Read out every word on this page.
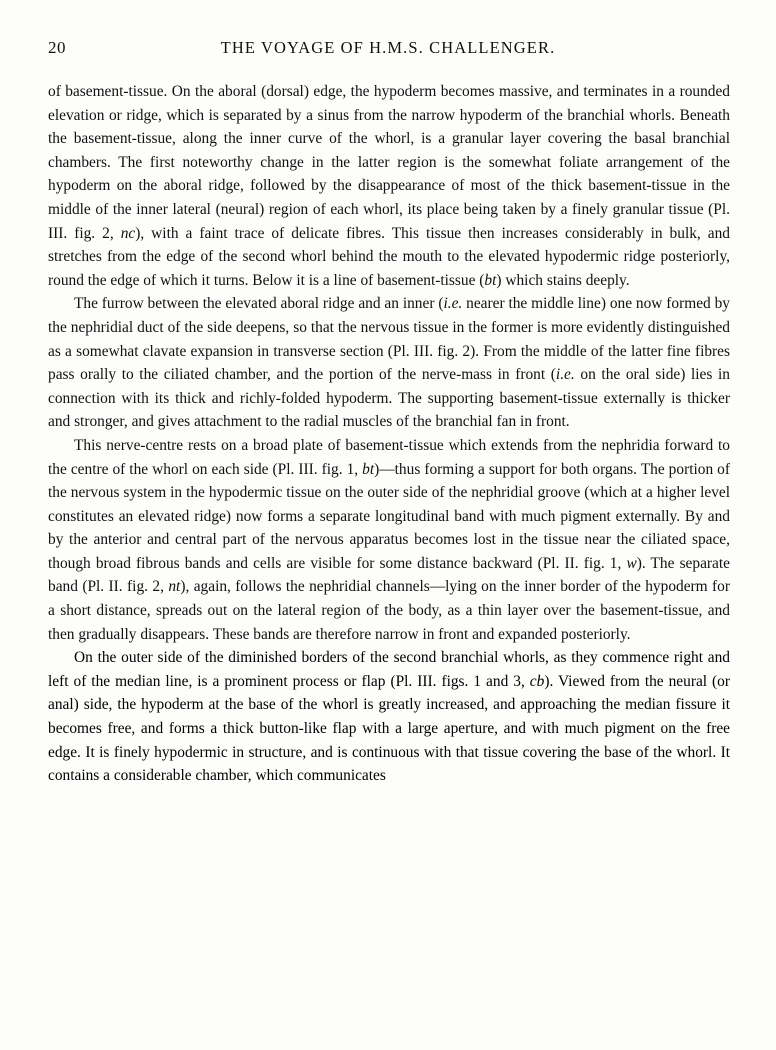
20	THE VOYAGE OF H.M.S. CHALLENGER.

of basement-tissue. On the aboral (dorsal) edge, the hypoderm becomes massive, and terminates in a rounded elevation or ridge, which is separated by a sinus from the narrow hypoderm of the branchial whorls. Beneath the basement-tissue, along the inner curve of the whorl, is a granular layer covering the basal branchial chambers. The first noteworthy change in the latter region is the somewhat foliate arrangement of the hypoderm on the aboral ridge, followed by the disappearance of most of the thick basement-tissue in the middle of the inner lateral (neural) region of each whorl, its place being taken by a finely granular tissue (Pl. III. fig. 2, nc), with a faint trace of delicate fibres. This tissue then increases considerably in bulk, and stretches from the edge of the second whorl behind the mouth to the elevated hypodermic ridge posteriorly, round the edge of which it turns. Below it is a line of basement-tissue (bt) which stains deeply.

The furrow between the elevated aboral ridge and an inner (i.e. nearer the middle line) one now formed by the nephridial duct of the side deepens, so that the nervous tissue in the former is more evidently distinguished as a somewhat clavate expansion in transverse section (Pl. III. fig. 2). From the middle of the latter fine fibres pass orally to the ciliated chamber, and the portion of the nerve-mass in front (i.e. on the oral side) lies in connection with its thick and richly-folded hypoderm. The supporting basement-tissue externally is thicker and stronger, and gives attachment to the radial muscles of the branchial fan in front.

This nerve-centre rests on a broad plate of basement-tissue which extends from the nephridia forward to the centre of the whorl on each side (Pl. III. fig. 1, bt)—thus forming a support for both organs. The portion of the nervous system in the hypodermic tissue on the outer side of the nephridial groove (which at a higher level constitutes an elevated ridge) now forms a separate longitudinal band with much pigment externally. By and by the anterior and central part of the nervous apparatus becomes lost in the tissue near the ciliated space, though broad fibrous bands and cells are visible for some distance backward (Pl. II. fig. 1, w). The separate band (Pl. II. fig. 2, nt), again, follows the nephridial channels—lying on the inner border of the hypoderm for a short distance, spreads out on the lateral region of the body, as a thin layer over the basement-tissue, and then gradually disappears. These bands are therefore narrow in front and expanded posteriorly.

On the outer side of the diminished borders of the second branchial whorls, as they commence right and left of the median line, is a prominent process or flap (Pl. III. figs. 1 and 3, cb). Viewed from the neural (or anal) side, the hypoderm at the base of the whorl is greatly increased, and approaching the median fissure it becomes free, and forms a thick button-like flap with a large aperture, and with much pigment on the free edge. It is finely hypodermic in structure, and is continuous with that tissue covering the base of the whorl. It contains a considerable chamber, which communicates
